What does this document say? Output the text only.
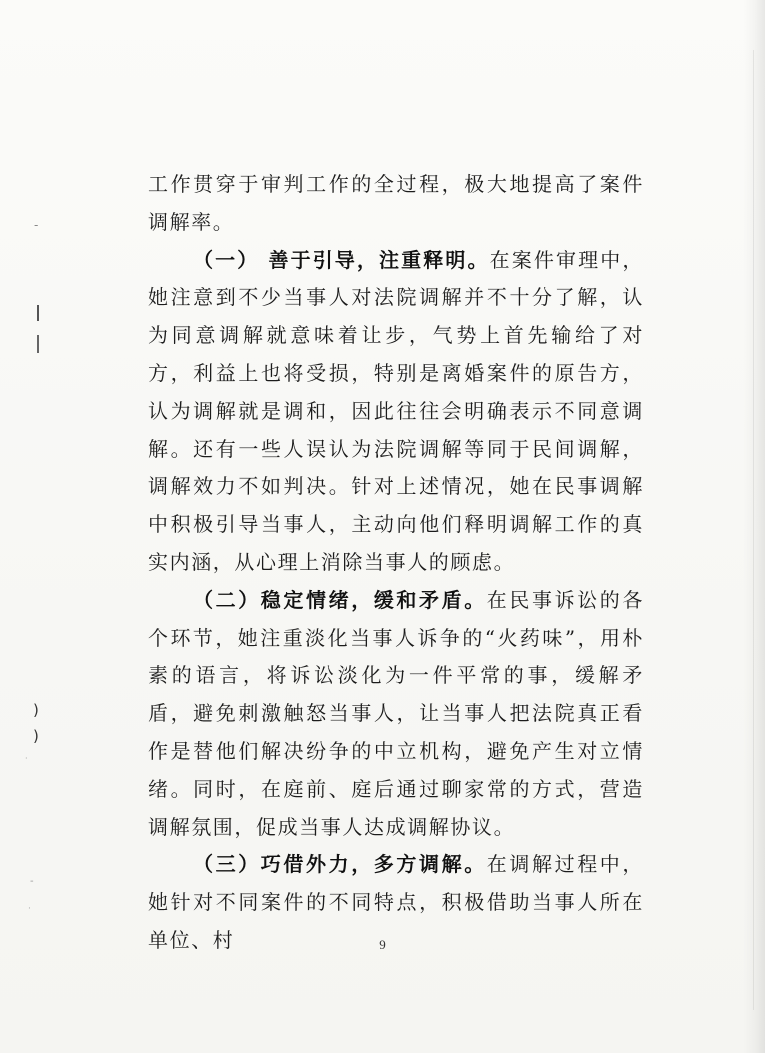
工作贯穿于审判工作的全过程，极大地提高了案件调解率。

（一） 善于引导，注重释明。在案件审理中，她注意到不少当事人对法院调解并不十分了解，认为同意调解就意味着让步，气势上首先输给了对方，利益上也将受损，特别是离婚案件的原告方，认为调解就是调和，因此往往会明确表示不同意调解。还有一些人误认为法院调解等同于民间调解，调解效力不如判决。针对上述情况，她在民事调解中积极引导当事人，主动向他们释明调解工作的真实内涵，从心理上消除当事人的顾虑。

（二）稳定情绪，缓和矛盾。在民事诉讼的各个环节，她注重淡化当事人诉争的“火药味”，用朴素的语言，将诉讼淡化为一件平常的事，缓解矛盾，避免刺激触怒当事人，让当事人把法院真正看作是替他们解决纷争的中立机构，避免产生对立情绪。同时，在庭前、庭后通过聊家常的方式，营造调解氛围，促成当事人达成调解协议。

（三）巧借外力，多方调解。在调解过程中，她针对不同案件的不同特点，积极借助当事人所在单位、村	9
-
)
)
·
-
·
